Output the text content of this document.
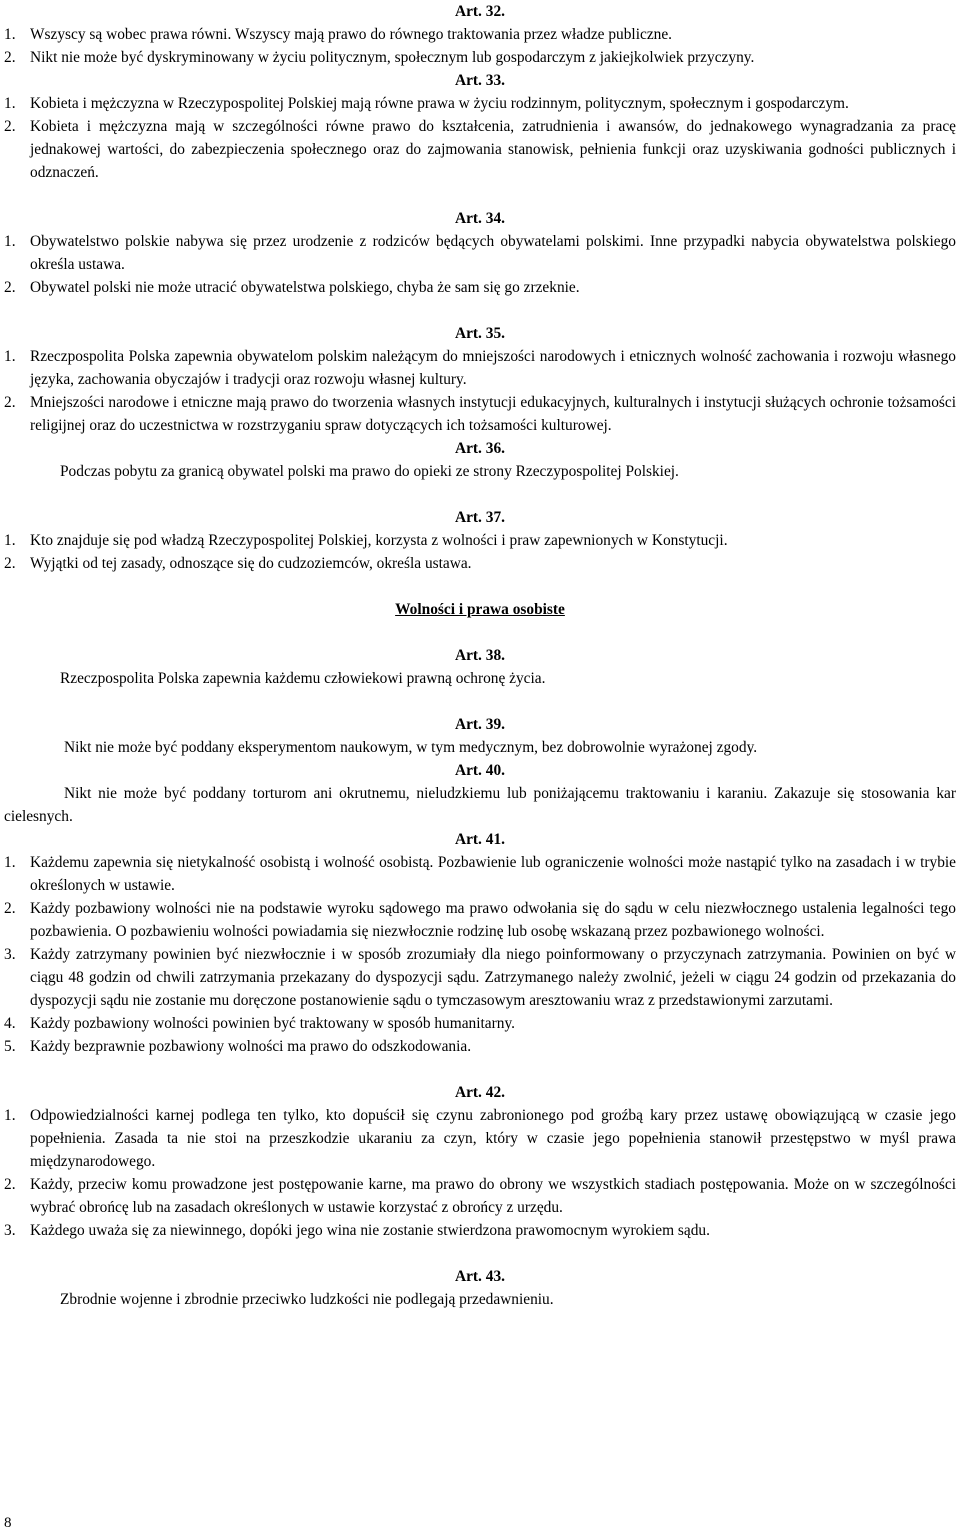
Art. 32.

1. Wszyscy są wobec prawa równi. Wszyscy mają prawo do równego traktowania przez władze publiczne.
2. Nikt nie może być dyskryminowany w życiu politycznym, społecznym lub gospodarczym z jakiejkolwiek przyczyny.

Art. 33.

1. Kobieta i mężczyzna w Rzeczypospolitej Polskiej mają równe prawa w życiu rodzinnym, politycznym, społecznym i gospodarczym.
2. Kobieta i mężczyzna mają w szczególności równe prawo do kształcenia, zatrudnienia i awansów, do jednakowego wynagradzania za pracę jednakowej wartości, do zabezpieczenia społecznego oraz do zajmowania stanowisk, pełnienia funkcji oraz uzyskiwania godności publicznych i odznaczeń.

Art. 34.

1. Obywatelstwo polskie nabywa się przez urodzenie z rodziców będących obywatelami polskimi. Inne przypadki nabycia obywatelstwa polskiego określa ustawa.
2. Obywatel polski nie może utracić obywatelstwa polskiego, chyba że sam się go zrzeknie.

Art. 35.

1. Rzeczpospolita Polska zapewnia obywatelom polskim należącym do mniejszości narodowych i etnicznych wolność zachowania i rozwoju własnego języka, zachowania obyczajów i tradycji oraz rozwoju własnej kultury.
2. Mniejszości narodowe i etniczne mają prawo do tworzenia własnych instytucji edukacyjnych, kulturalnych i instytucji służących ochronie tożsamości religijnej oraz do uczestnictwa w rozstrzyganiu spraw dotyczących ich tożsamości kulturowej.

Art. 36.

Podczas pobytu za granicą obywatel polski ma prawo do opieki ze strony Rzeczypospolitej Polskiej.

Art. 37.

1. Kto znajduje się pod władzą Rzeczypospolitej Polskiej, korzysta z wolności i praw zapewnionych w Konstytucji.
2. Wyjątki od tej zasady, odnoszące się do cudzoziemców, określa ustawa.

Wolności i prawa osobiste

Art. 38.

Rzeczpospolita Polska zapewnia każdemu człowiekowi prawną ochronę życia.

Art. 39.

Nikt nie może być poddany eksperymentom naukowym, w tym medycznym, bez dobrowolnie wyrażonej zgody.

Art. 40.

Nikt nie może być poddany torturom ani okrutnemu, nieludzkiemu lub poniżającemu traktowaniu i karaniu. Zakazuje się stosowania kar cielesnych.

Art. 41.

1. Każdemu zapewnia się nietykalność osobistą i wolność osobistą. Pozbawienie lub ograniczenie wolności może nastąpić tylko na zasadach i w trybie określonych w ustawie.
2. Każdy pozbawiony wolności nie na podstawie wyroku sądowego ma prawo odwołania się do sądu w celu niezwłocznego ustalenia legalności tego pozbawienia. O pozbawieniu wolności powiadamia się niezwłocznie rodzinę lub osobę wskazaną przez pozbawionego wolności.
3. Każdy zatrzymany powinien być niezwłocznie i w sposób zrozumiały dla niego poinformowany o przyczynach zatrzymania. Powinien on być w ciągu 48 godzin od chwili zatrzymania przekazany do dyspozycji sądu. Zatrzymanego należy zwolnić, jeżeli w ciągu 24 godzin od przekazania do dyspozycji sądu nie zostanie mu doręczone postanowienie sądu o tymczasowym aresztowaniu wraz z przedstawionymi zarzutami.
4. Każdy pozbawiony wolności powinien być traktowany w sposób humanitarny.
5. Każdy bezprawnie pozbawiony wolności ma prawo do odszkodowania.

Art. 42.

1. Odpowiedzialności karnej podlega ten tylko, kto dopuścił się czynu zabronionego pod groźbą kary przez ustawę obowiązującą w czasie jego popełnienia. Zasada ta nie stoi na przeszkodzie ukaraniu za czyn, który w czasie jego popełnienia stanowił przestępstwo w myśl prawa międzynarodowego.
2. Każdy, przeciw komu prowadzone jest postępowanie karne, ma prawo do obrony we wszystkich stadiach postępowania. Może on w szczególności wybrać obrońcę lub na zasadach określonych w ustawie korzystać z obrońcy z urzędu.
3. Każdego uważa się za niewinnego, dopóki jego wina nie zostanie stwierdzona prawomocnym wyrokiem sądu.

Art. 43.

Zbrodnie wojenne i zbrodnie przeciwko ludzkości nie podlegają przedawnieniu.

8
